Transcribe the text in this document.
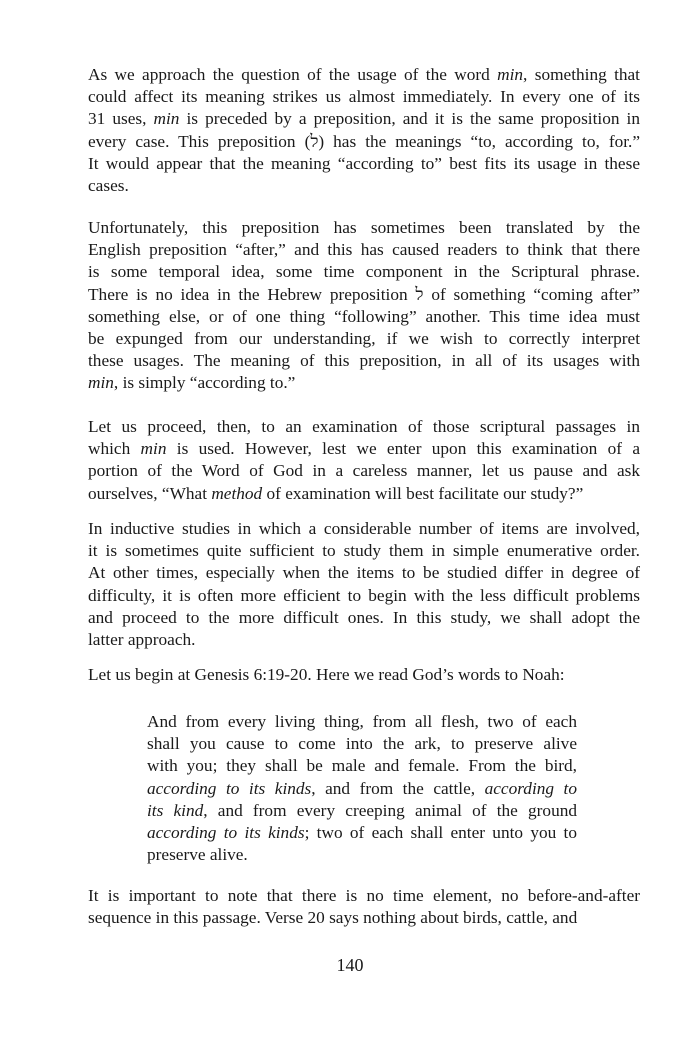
As we approach the question of the usage of the word min, something that
could affect its meaning strikes us almost immediately. In every one of its
31 uses, min is preceded by a preposition, and it is the same proposition in
every case. This preposition (ל) has the meanings “to, according to, for.”
It would appear that the meaning “according to” best fits its usage in these
cases.
Unfortunately, this preposition has sometimes been translated by the
English preposition “after,” and this has caused readers to think that there
is some temporal idea, some time component in the Scriptural phrase.
There is no idea in the Hebrew preposition ל of something “coming after”
something else, or of one thing “following” another. This time idea must
be expunged from our understanding, if we wish to correctly interpret
these usages. The meaning of this preposition, in all of its usages with
min, is simply “according to.”
Let us proceed, then, to an examination of those scriptural passages in
which min is used. However, lest we enter upon this examination of a
portion of the Word of God in a careless manner, let us pause and ask
ourselves, “What method of examination will best facilitate our study?”
In inductive studies in which a considerable number of items are involved,
it is sometimes quite sufficient to study them in simple enumerative order.
At other times, especially when the items to be studied differ in degree of
difficulty, it is often more efficient to begin with the less difficult problems
and proceed to the more difficult ones. In this study, we shall adopt the
latter approach.
Let us begin at Genesis 6:19-20. Here we read God’s words to Noah:
And from every living thing, from all flesh, two of each
shall you cause to come into the ark, to preserve alive
with you; they shall be male and female. From the bird,
according to its kinds, and from the cattle, according to
its kind, and from every creeping animal of the ground
according to its kinds; two of each shall enter unto you to
preserve alive.
It is important to note that there is no time element, no before-and-after
sequence in this passage. Verse 20 says nothing about birds, cattle, and

140
